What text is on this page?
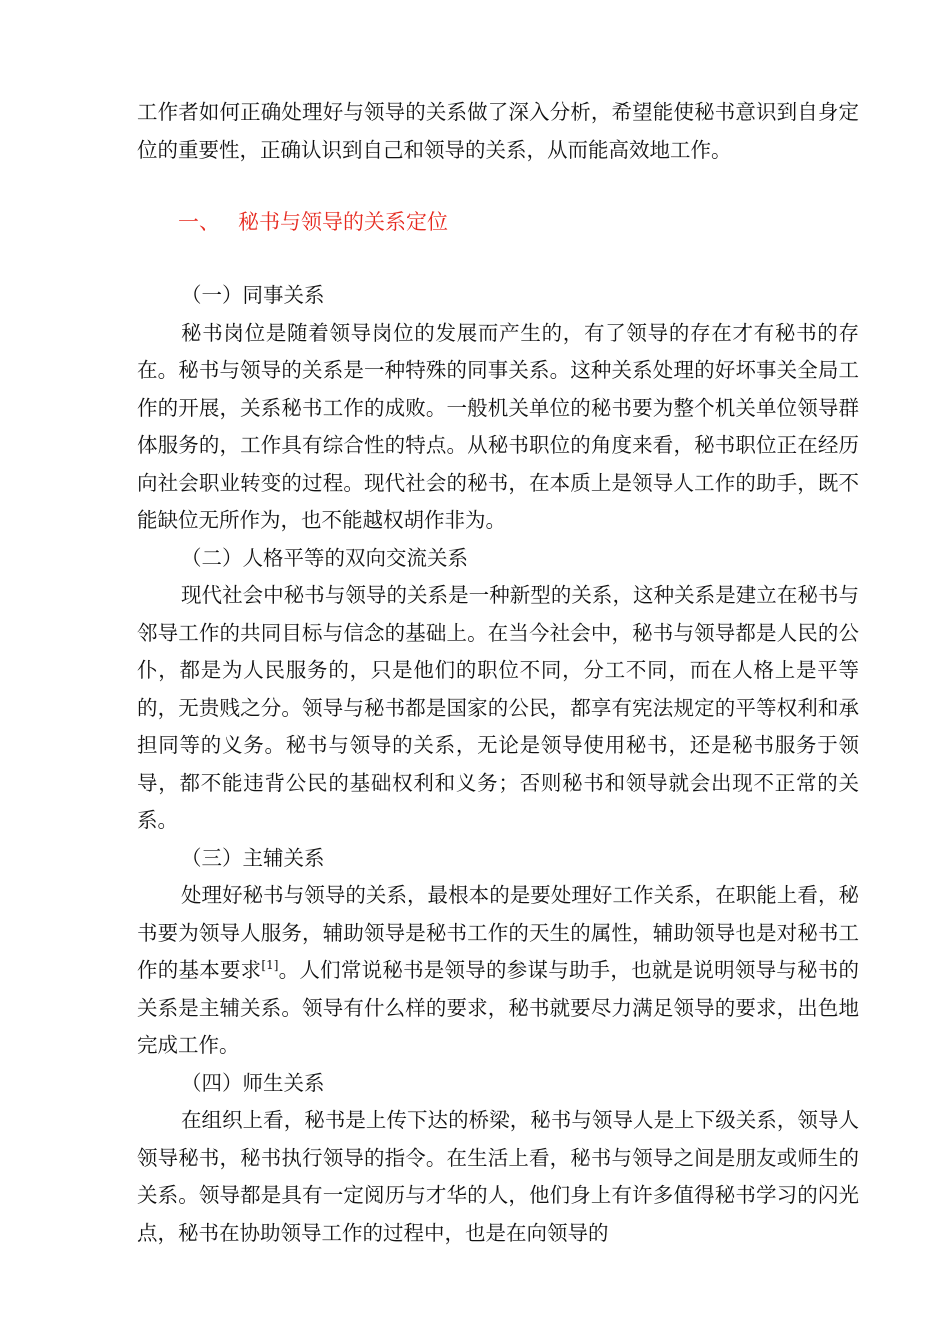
工作者如何正确处理好与领导的关系做了深入分析，希望能使秘书意识到自身定位的重要性，正确认识到自己和领导的关系，从而能高效地工作。

一、 秘书与领导的关系定位

（一）同事关系

秘书岗位是随着领导岗位的发展而产生的，有了领导的存在才有秘书的存在。秘书与领导的关系是一种特殊的同事关系。这种关系处理的好坏事关全局工作的开展，关系秘书工作的成败。一般机关单位的秘书要为整个机关单位领导群体服务的，工作具有综合性的特点。从秘书职位的角度来看，秘书职位正在经历向社会职业转变的过程。现代社会的秘书，在本质上是领导人工作的助手，既不能缺位无所作为，也不能越权胡作非为。

（二）人格平等的双向交流关系

现代社会中秘书与领导的关系是一种新型的关系，这种关系是建立在秘书与邻导工作的共同目标与信念的基础上。在当今社会中，秘书与领导都是人民的公仆，都是为人民服务的，只是他们的职位不同，分工不同，而在人格上是平等的，无贵贱之分。领导与秘书都是国家的公民，都享有宪法规定的平等权利和承担同等的义务。秘书与领导的关系，无论是领导使用秘书，还是秘书服务于领导，都不能违背公民的基础权利和义务；否则秘书和领导就会出现不正常的关系。

（三）主辅关系

处理好秘书与领导的关系，最根本的是要处理好工作关系，在职能上看，秘书要为领导人服务，辅助领导是秘书工作的天生的属性，辅助领导也是对秘书工作的基本要求[1]。人们常说秘书是领导的参谋与助手，也就是说明领导与秘书的关系是主辅关系。领导有什么样的要求，秘书就要尽力满足领导的要求，出色地完成工作。

（四）师生关系

在组织上看，秘书是上传下达的桥梁，秘书与领导人是上下级关系，领导人领导秘书，秘书执行领导的指令。在生活上看，秘书与领导之间是朋友或师生的关系。领导都是具有一定阅历与才华的人，他们身上有许多值得秘书学习的闪光点，秘书在协助领导工作的过程中，也是在向领导的
